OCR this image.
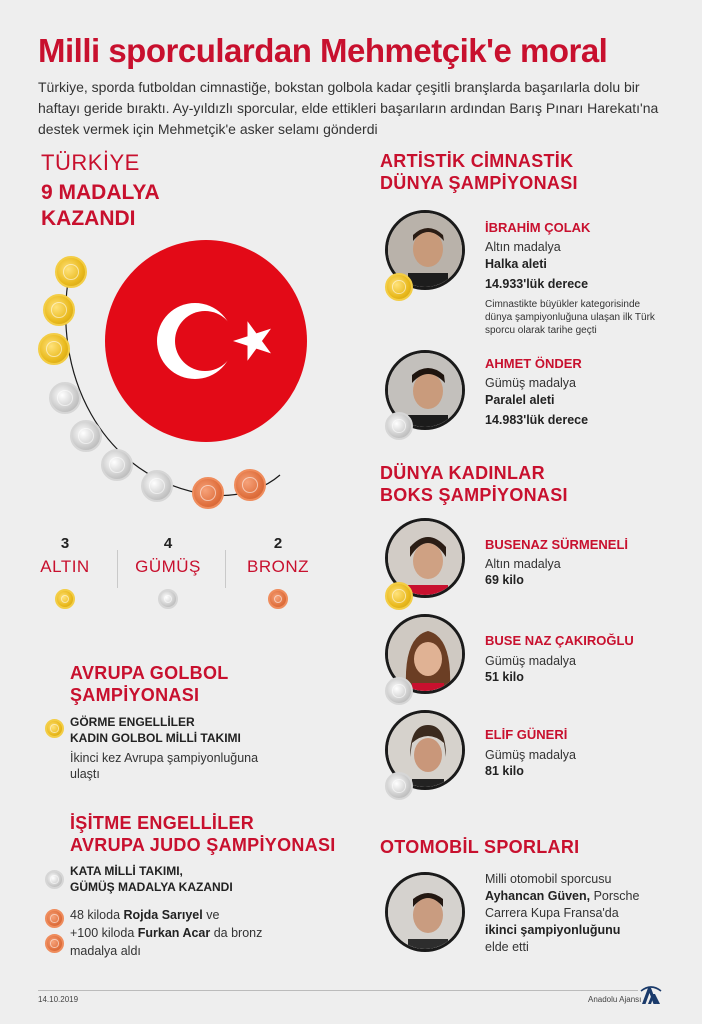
Milli sporculardan Mehmetçik'e moral
Türkiye, sporda futboldan cimnastiğe, bokstan golbola kadar çeşitli branşlarda başarılarla dolu bir haftayı geride bıraktı. Ay-yıldızlı sporcular, elde ettikleri başarıların ardından Barış Pınarı Harekatı'na destek vermek için Mehmetçik'e asker selamı gönderdi
TÜRKİYE
9 MADALYA
KAZANDI
3
ALTIN
4
GÜMÜŞ
2
BRONZ
AVRUPA GOLBOL
ŞAMPİYONASI
GÖRME ENGELLİLER
KADIN GOLBOL MİLLİ TAKIMI
İkinci kez Avrupa şampiyonluğuna
ulaştı
İŞİTME ENGELLİLER
AVRUPA JUDO ŞAMPİYONASI
KATA MİLLİ TAKIMI,
GÜMÜŞ MADALYA KAZANDI
48 kiloda Rojda Sarıyel ve
+100 kiloda Furkan Acar da bronz
madalya aldı
ARTİSTİK CİMNASTİK
DÜNYA ŞAMPİYONASI
İBRAHİM ÇOLAK
Altın madalya
Halka aleti
14.933'lük derece
Cimnastikte büyükler kategorisinde
dünya şampiyonluğuna ulaşan ilk Türk
sporcu olarak tarihe geçti
AHMET ÖNDER
Gümüş madalya
Paralel aleti
14.983'lük derece
DÜNYA KADINLAR
BOKS ŞAMPİYONASI
BUSENAZ SÜRMENELİ
Altın madalya
69 kilo
BUSE NAZ ÇAKIROĞLU
Gümüş madalya
51 kilo
ELİF GÜNERİ
Gümüş madalya
81 kilo
OTOMOBİL SPORLARI
Milli otomobil sporcusu
Ayhancan Güven, Porsche
Carrera Kupa Fransa'da
ikinci şampiyonluğunu
elde etti
14.10.2019	Anadolu Ajansı
